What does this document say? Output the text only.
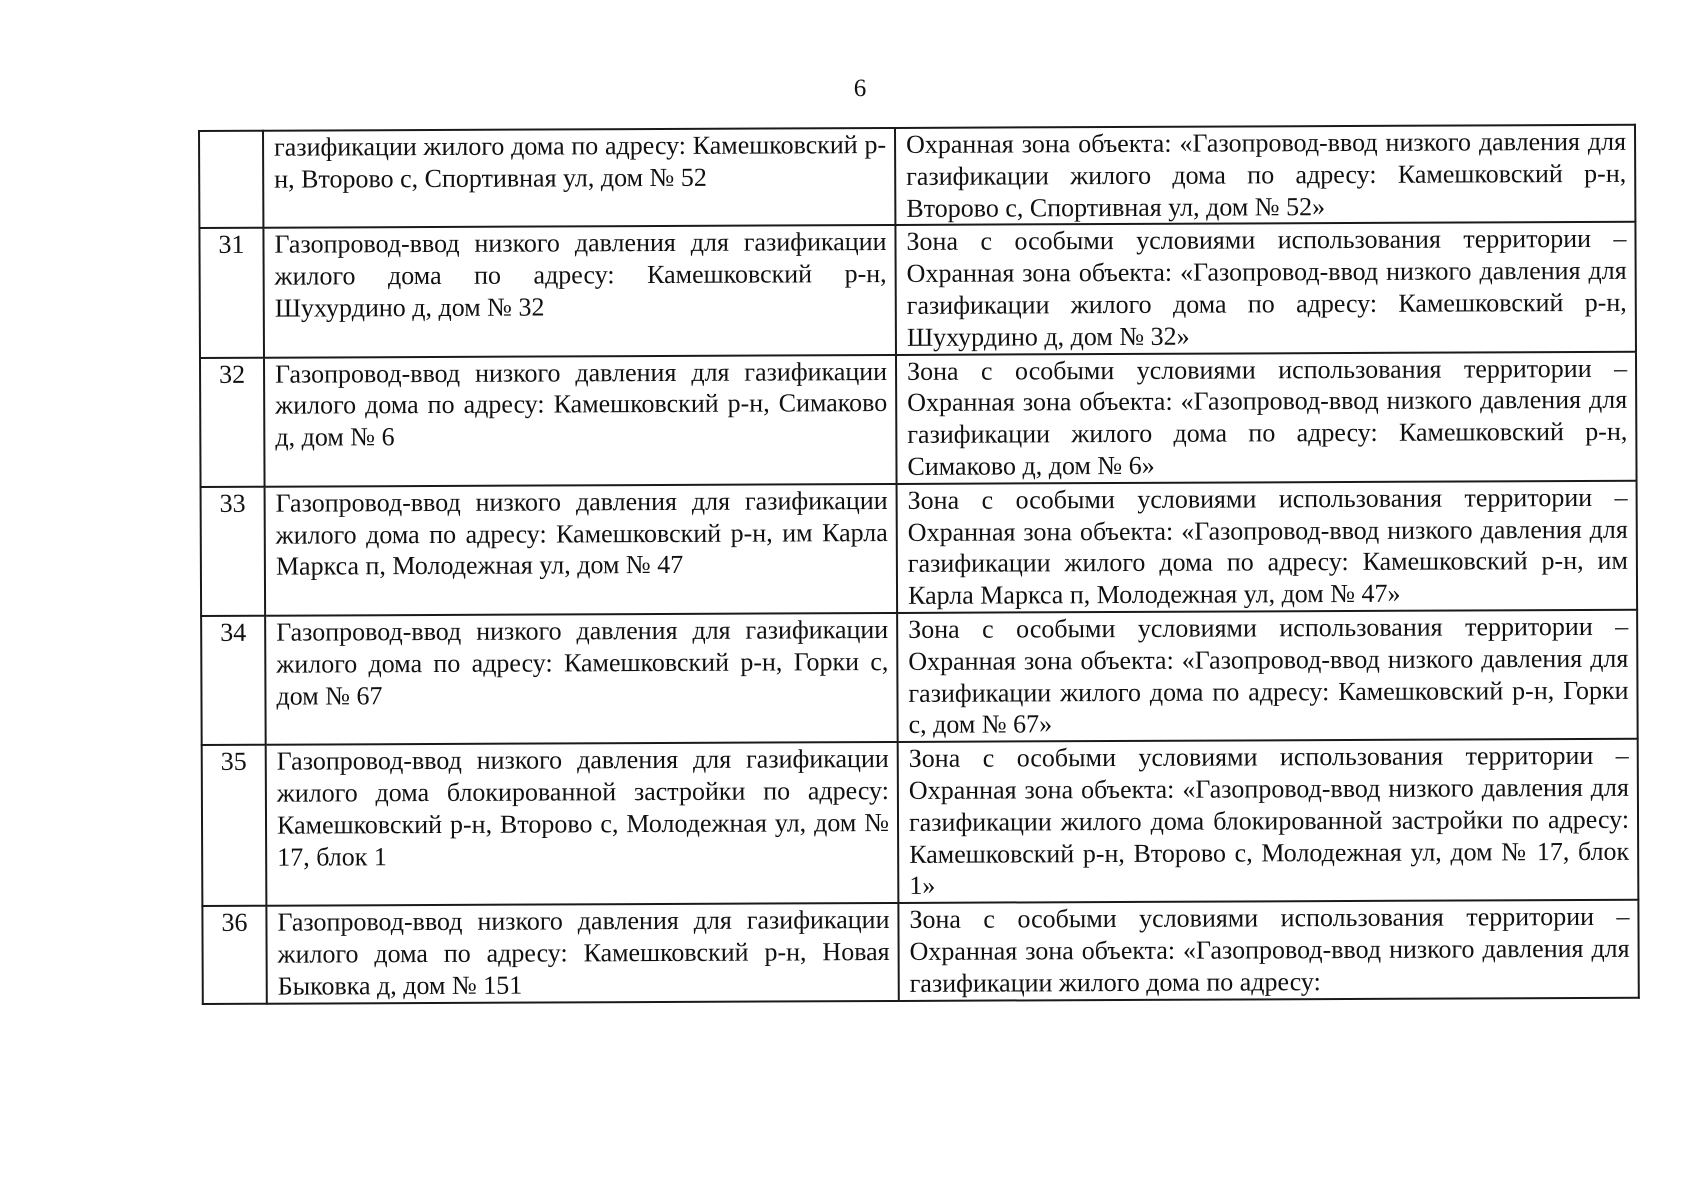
6
	газификации жилого дома по адресу: Камешковский р-н, Второво с, Спортивная ул, дом № 52	Охранная зона объекта: «Газопровод-ввод низкого давления для газификации жилого дома по адресу: Камешковский р-н, Второво с, Спортивная ул, дом № 52»
31	Газопровод-ввод низкого давления для газификации жилого дома по адресу: Камешковский р-н, Шухурдино д, дом № 32	Зона с особыми условиями использования территории – Охранная зона объекта: «Газопровод-ввод низкого давления для газификации жилого дома по адресу: Камешковский р-н, Шухурдино д, дом № 32»
32	Газопровод-ввод низкого давления для газификации жилого дома по адресу: Камешковский р-н, Симаково д, дом № 6	Зона с особыми условиями использования территории – Охранная зона объекта: «Газопровод-ввод низкого давления для газификации жилого дома по адресу: Камешковский р-н, Симаково д, дом № 6»
33	Газопровод-ввод низкого давления для газификации жилого дома по адресу: Камешковский р-н, им Карла Маркса п, Молодежная ул, дом № 47	Зона с особыми условиями использования территории – Охранная зона объекта: «Газопровод-ввод низкого давления для газификации жилого дома по адресу: Камешковский р-н, им Карла Маркса п, Молодежная ул, дом № 47»
34	Газопровод-ввод низкого давления для газификации жилого дома по адресу: Камешковский р-н, Горки с, дом № 67	Зона с особыми условиями использования территории – Охранная зона объекта: «Газопровод-ввод низкого давления для газификации жилого дома по адресу: Камешковский р-н, Горки с, дом № 67»
35	Газопровод-ввод низкого давления для газификации жилого дома блокированной застройки по адресу: Камешковский р-н, Второво с, Молодежная ул, дом № 17, блок 1	Зона с особыми условиями использования территории – Охранная зона объекта: «Газопровод-ввод низкого давления для газификации жилого дома блокированной застройки по адресу: Камешковский р-н, Второво с, Молодежная ул, дом № 17, блок 1»
36	Газопровод-ввод низкого давления для газификации жилого дома по адресу: Камешковский р-н, Новая Быковка д, дом № 151	Зона с особыми условиями использования территории – Охранная зона объекта: «Газопровод-ввод низкого давления для газификации жилого дома по адресу:
